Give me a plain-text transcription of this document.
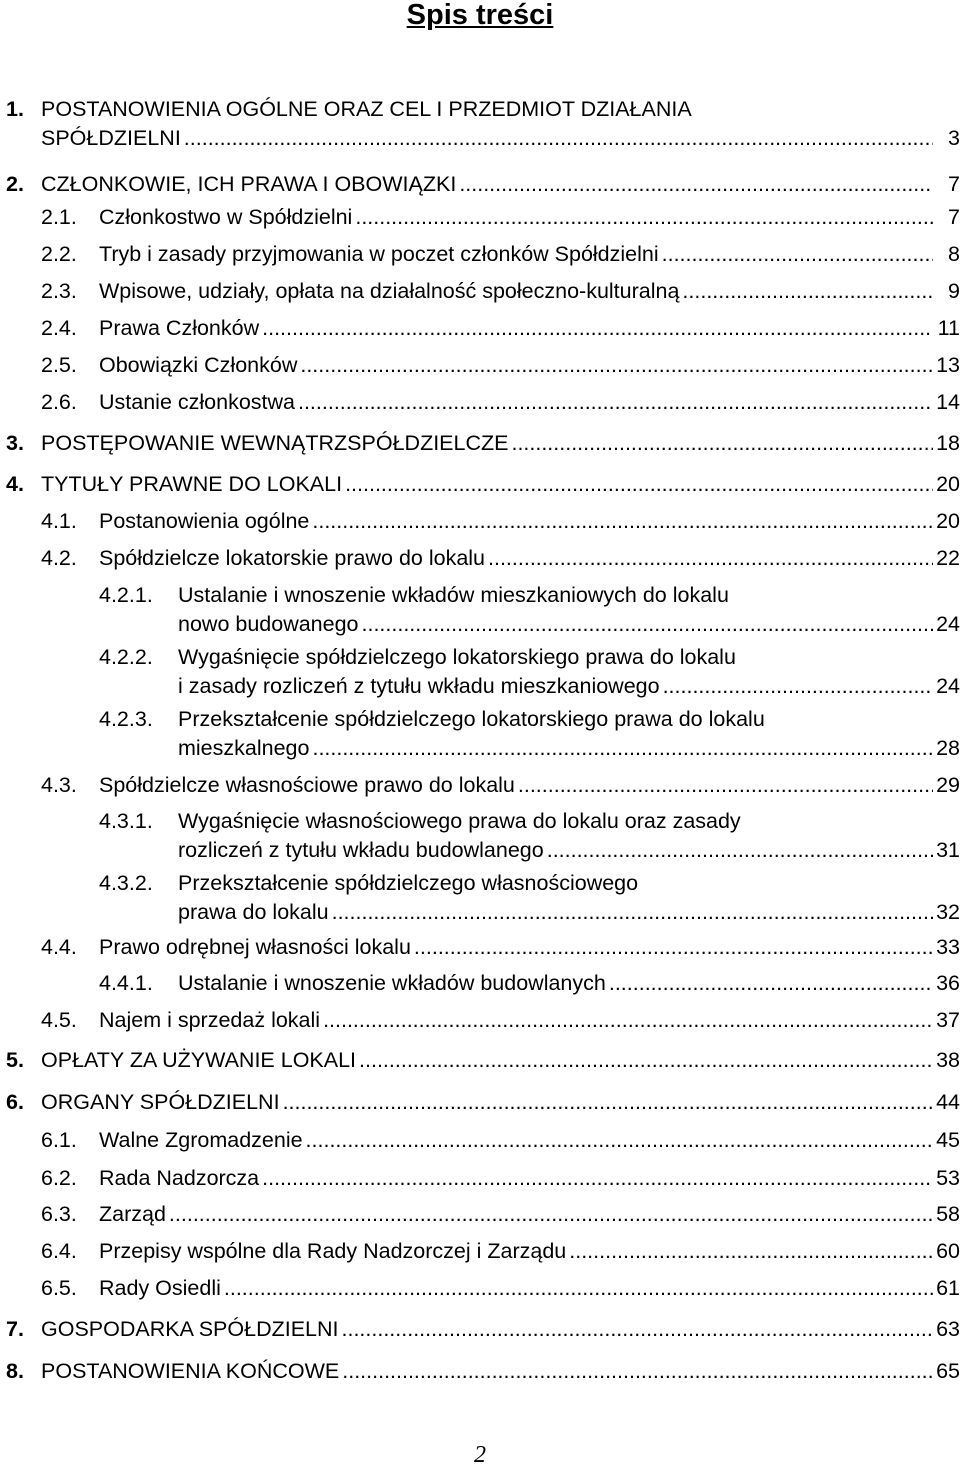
Spis treści
1. POSTANOWIENIA OGÓLNE ORAZ CEL I PRZEDMIOT DZIAŁANIA
SPÓŁDZIELNI .....	3
2. CZŁONKOWIE, ICH PRAWA I OBOWIĄZKI .....	7
2.1. Członkostwo w Spółdzielni .....	7
2.2. Tryb i zasady przyjmowania w poczet członków Spółdzielni .....	8
2.3. Wpisowe, udziały, opłata na działalność społeczno-kulturalną .....	9
2.4. Prawa Członków .....	11
2.5. Obowiązki Członków .....	13
2.6. Ustanie członkostwa .....	14
3. POSTĘPOWANIE WEWNĄTRZSPÓŁDZIELCZE .....	18
4. TYTUŁY PRAWNE DO LOKALI .....	20
4.1. Postanowienia ogólne .....	20
4.2. Spółdzielcze lokatorskie prawo do lokalu .....	22
4.2.1. Ustalanie i wnoszenie wkładów mieszkaniowych do lokalu
nowo budowanego .....	24
4.2.2. Wygaśnięcie spółdzielczego lokatorskiego prawa do lokalu
i zasady rozliczeń z tytułu wkładu mieszkaniowego .....	24
4.2.3. Przekształcenie spółdzielczego lokatorskiego prawa do lokalu
mieszkalnego .....	28
4.3. Spółdzielcze własnościowe prawo do lokalu .....	29
4.3.1. Wygaśnięcie własnościowego prawa do lokalu oraz zasady
rozliczeń z tytułu wkładu budowlanego .....	31
4.3.2. Przekształcenie spółdzielczego własnościowego
prawa do lokalu .....	32
4.4. Prawo odrębnej własności lokalu .....	33
4.4.1. Ustalanie i wnoszenie wkładów budowlanych .....	36
4.5. Najem i sprzedaż lokali .....	37
5. OPŁATY ZA UŻYWANIE LOKALI .....	38
6. ORGANY SPÓŁDZIELNI .....	44
6.1. Walne Zgromadzenie .....	45
6.2. Rada Nadzorcza .....	53
6.3. Zarząd .....	58
6.4. Przepisy wspólne dla Rady Nadzorczej i Zarządu .....	60
6.5. Rady Osiedli .....	61
7. GOSPODARKA SPÓŁDZIELNI .....	63
8. POSTANOWIENIA KOŃCOWE .....	65
2
